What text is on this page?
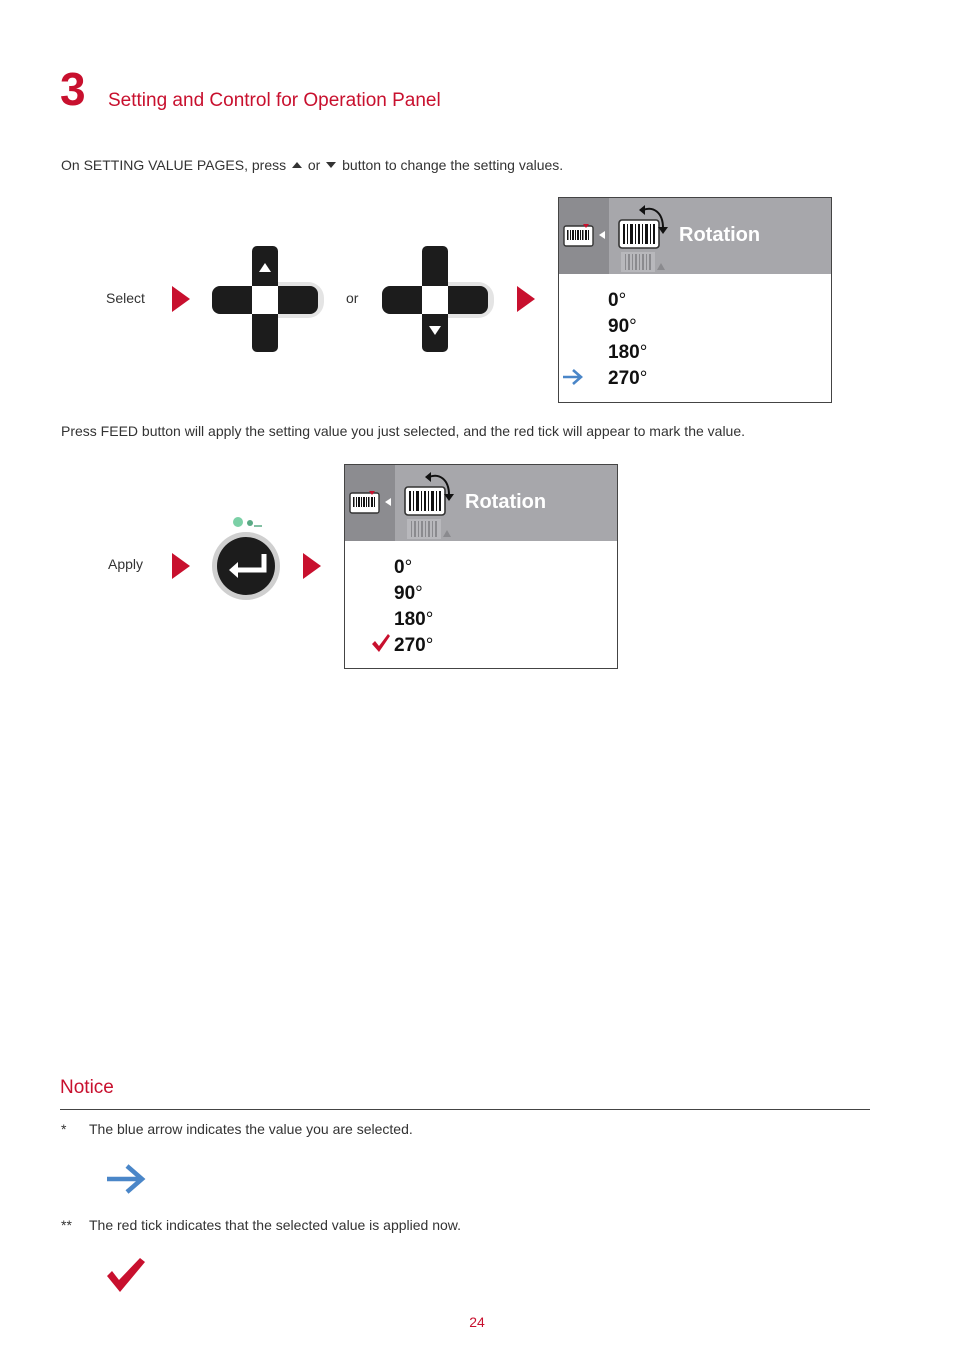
3 Setting and Control for Operation Panel
On SETTING VALUE PAGES, press or button to change the setting values.
Select	or
Rotation
0°
90°
180°
270°
Press FEED button will apply the setting value you just selected, and the red tick will appear to mark the value.
Apply
Rotation
0°
90°
180°
270°
Notice
* The blue arrow indicates the value you are selected.
** The red tick indicates that the selected value is applied now.
24
